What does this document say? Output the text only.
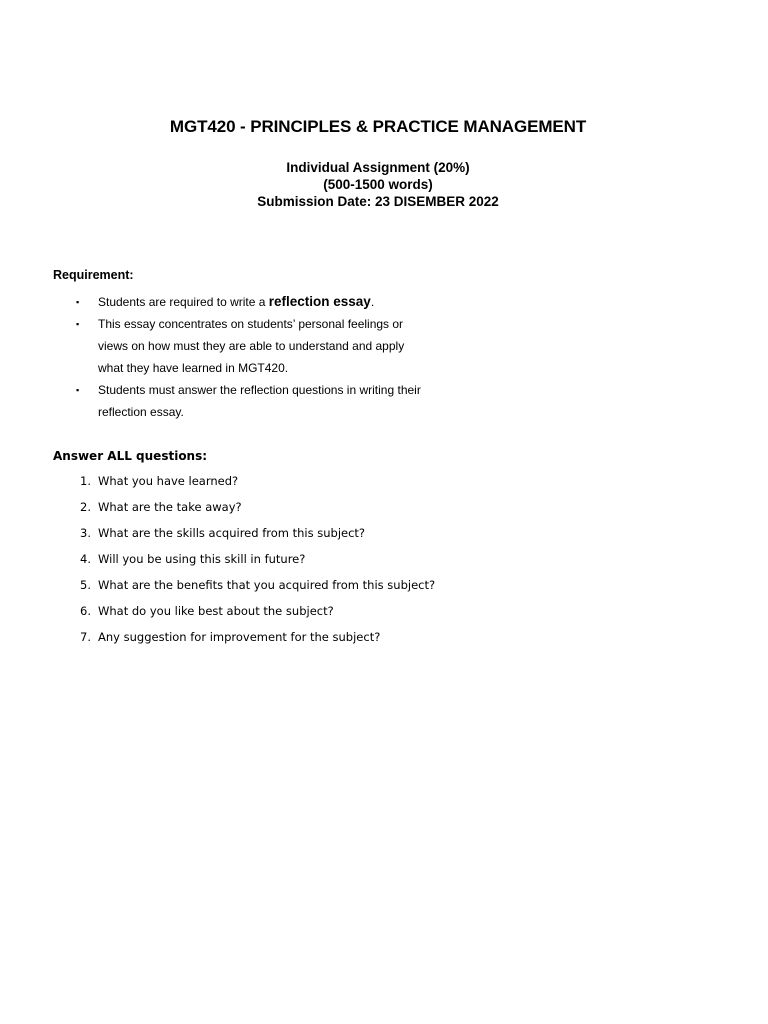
MGT420 - PRINCIPLES & PRACTICE MANAGEMENT
Individual Assignment (20%)
(500-1500 words)
Submission Date: 23 DISEMBER 2022
Requirement:
▪ Students are required to write a reflection essay.
▪ This essay concentrates on students’ personal feelings or
views on how must they are able to understand and apply
what they have learned in MGT420.
▪ Students must answer the reflection questions in writing their
reflection essay.
Answer ALL questions:
1. What you have learned?
2. What are the take away?
3. What are the skills acquired from this subject?
4. Will you be using this skill in future?
5. What are the benefits that you acquired from this subject?
6. What do you like best about the subject?
7. Any suggestion for improvement for the subject?
